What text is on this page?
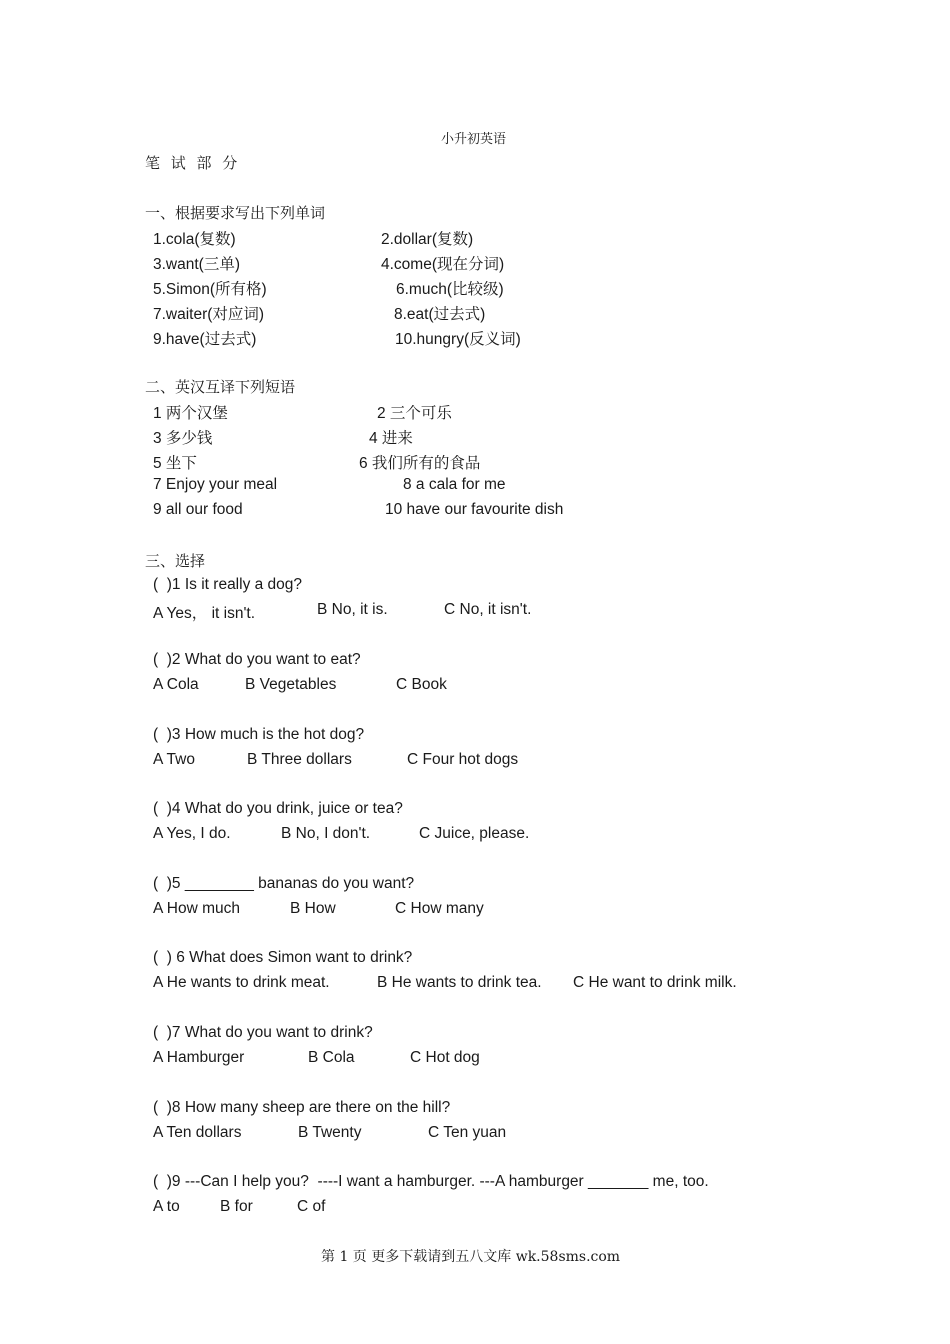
小升初英语
笔 试 部 分
一、根据要求写出下列单词
1.cola(复数)	2.dollar(复数)
3.want(三单)	4.come(现在分词)
5.Simon(所有格)	6.much(比较级)
7.waiter(对应词)	8.eat(过去式)
9.have(过去式)	10.hungry(反义词)
二、英汉互译下列短语
1 两个汉堡	2 三个可乐
3 多少钱	4 进来
5 坐下	6 我们所有的食品
7 Enjoy your meal	8 a cala for me
9 all our food	10 have our favourite dish
三、选择
(  )1 Is it really a dog?
A Yes， it isn't.	B No, it is.	C No, it isn't.
(  )2 What do you want to eat?
A Cola	B Vegetables	C Book
(  )3 How much is the hot dog?
A Two	B Three dollars	C Four hot dogs
(  )4 What do you drink, juice or tea?
A Yes, I do.	B No, I don't.	C Juice, please.
(  )5 ________ bananas do you want?
A How much	B How	C How many
(  ) 6 What does Simon want to drink?
A He wants to drink meat.	B He wants to drink tea. C He want to drink milk.
(  )7 What do you want to drink?
A Hamburger	B Cola	C Hot dog
(  )8 How many sheep are there on the hill?
A Ten dollars	B Twenty	C Ten yuan
(  )9 ---Can I help you?  ----I want a hamburger. ---A hamburger _______ me, too.
A to	B for	C of
第 1 页 更多下载请到五八文库 wk.58sms.com
